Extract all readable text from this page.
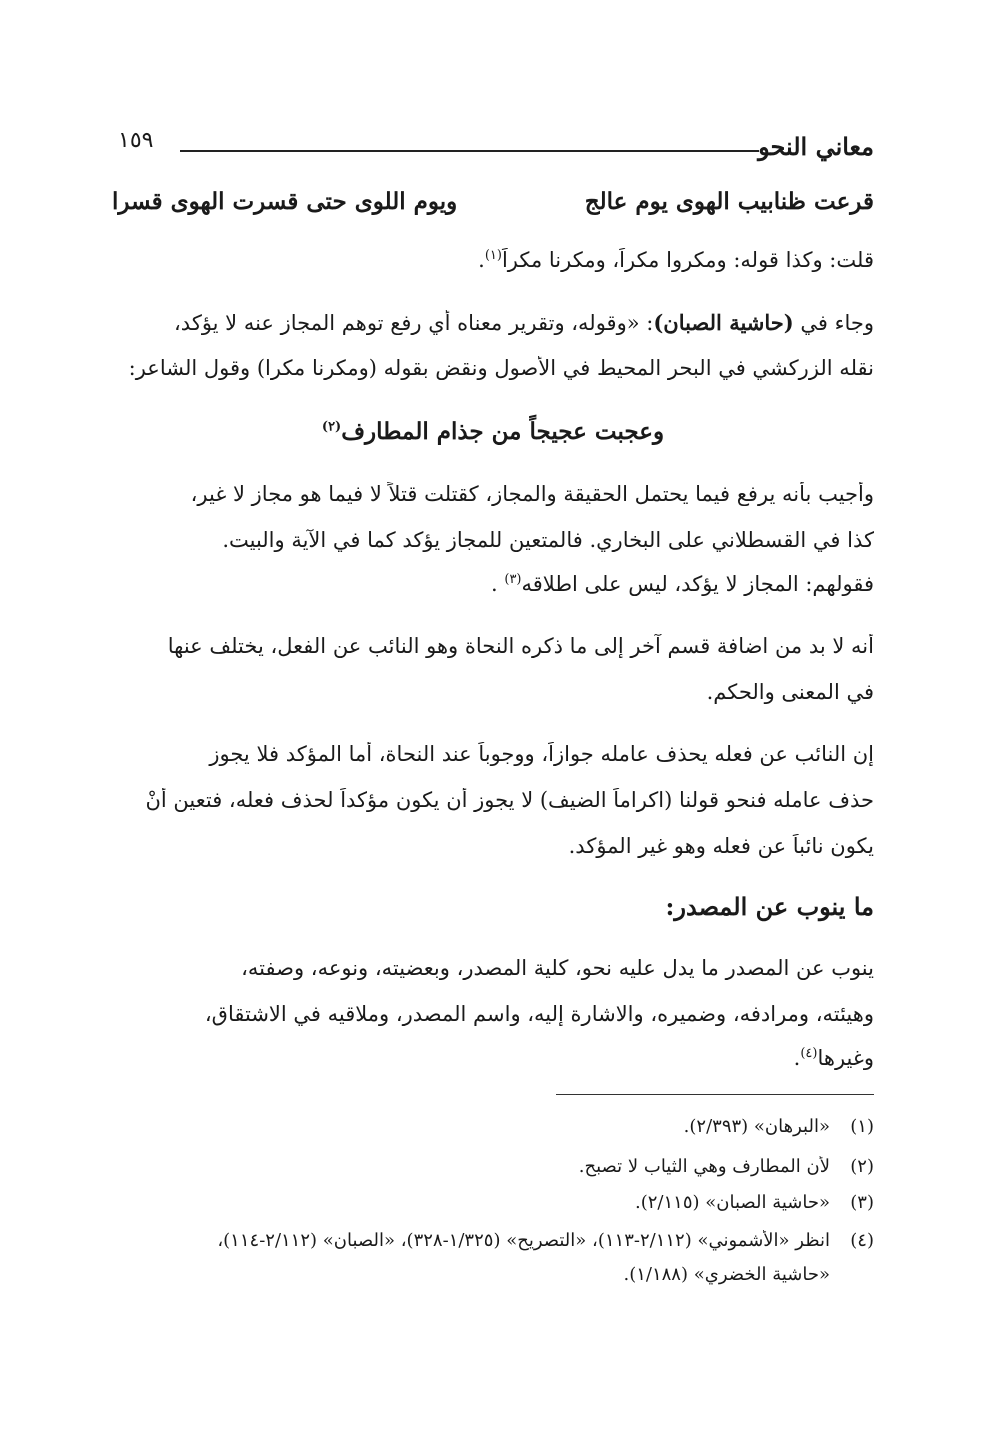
معاني النحو
١٥٩
قرعت ظنابيب الهوى يوم عالج
ويوم اللوى حتى قسرت الهوى قسرا
قلت: وكذا قوله: ومكروا مكراً، ومكرنا مكراً$^{(١)}$.
وجاء في (حاشية الصبان): «وقوله، وتقرير معناه أي رفع توهم المجاز عنه لا يؤكد،
نقله الزركشي في البحر المحيط في الأصول ونقض بقوله (ومكرنا مكرا) وقول الشاعر:
وعجبت عجيجاً من جذام المطارف$^{(٢)}$
وأجيب بأنه يرفع فيما يحتمل الحقيقة والمجاز، كقتلت قتلاً لا فيما هو مجاز لا غير،
كذا في القسطلاني على البخاري. فالمتعين للمجاز يؤكد كما في الآية والبيت.
فقولهم: المجاز لا يؤكد، ليس على اطلاقه$^{(٣)}$ .
أنه لا بد من اضافة قسم آخر إلى ما ذكره النحاة وهو النائب عن الفعل، يختلف عنها
في المعنى والحكم.
إن النائب عن فعله يحذف عامله جوازاً، ووجوباً عند النحاة، أما المؤكد فلا يجوز
حذف عامله فنحو قولنا (اكراماً الضيف) لا يجوز أن يكون مؤكداً لحذف فعله، فتعين أنْ
يكون نائباً عن فعله وهو غير المؤكد.
ما ينوب عن المصدر:
ينوب عن المصدر ما يدل عليه نحو، كلية المصدر، وبعضيته، ونوعه، وصفته،
وهيئته، ومرادفه، وضميره، والاشارة إليه، واسم المصدر، وملاقيه في الاشتقاق،
وغيرها$^{(٤)}$.
(١)«البرهان» (٢/٣٩٣).
(٢)لأن المطارف وهي الثياب لا تصبح.
(٣)«حاشية الصبان» (٢/١١٥).
(٤)انظر «الأشموني» (٢/١١٢-١١٣)، «التصريح» (١/٣٢٥-٣٢٨)، «الصبان» (٢/١١٢-١١٤)،
«حاشية الخضري» (١/١٨٨).
